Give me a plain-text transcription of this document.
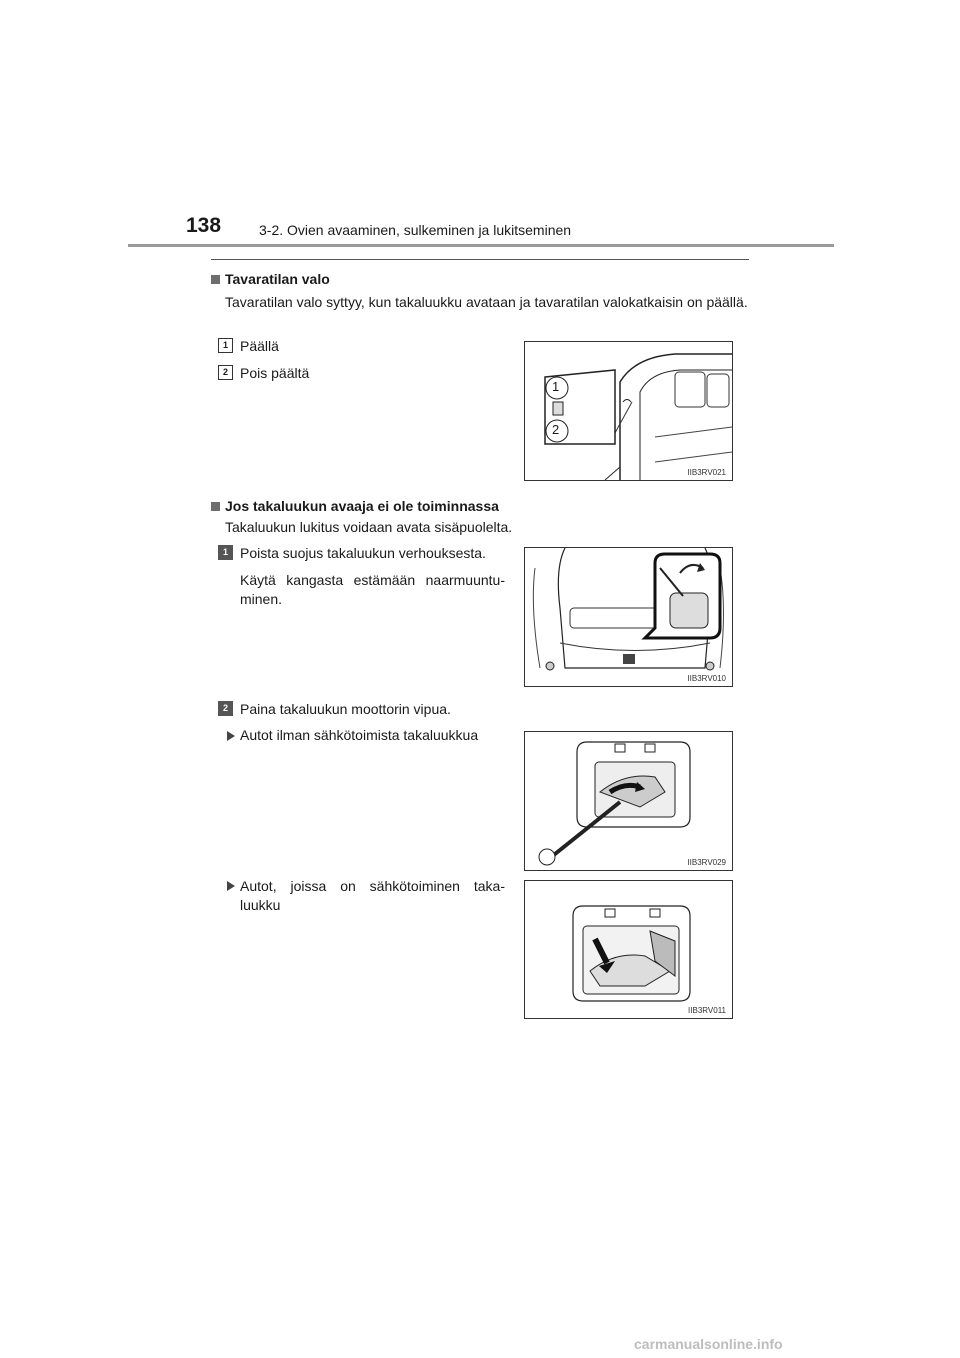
138	3-2. Ovien avaaminen, sulkeminen ja lukitseminen
Tavaratilan valo
Tavaratilan valo syttyy, kun takaluukku avataan ja tavaratilan valokatkaisin on päällä.
1 Päällä
2 Pois päältä
1
2
IIB3RV021
Jos takaluukun avaaja ei ole toiminnassa
Takaluukun lukitus voidaan avata sisäpuolelta.
1 Poista suojus takaluukun verhouksesta.
Käytä kangasta estämään naarmuuntu-minen.
IIB3RV010
2 Paina takaluukun moottorin vipua.
Autot ilman sähkötoimista takaluukkua
IIB3RV029
Autot, joissa on sähkötoiminen taka-luukku
IIB3RV011
carmanualsonline.info
